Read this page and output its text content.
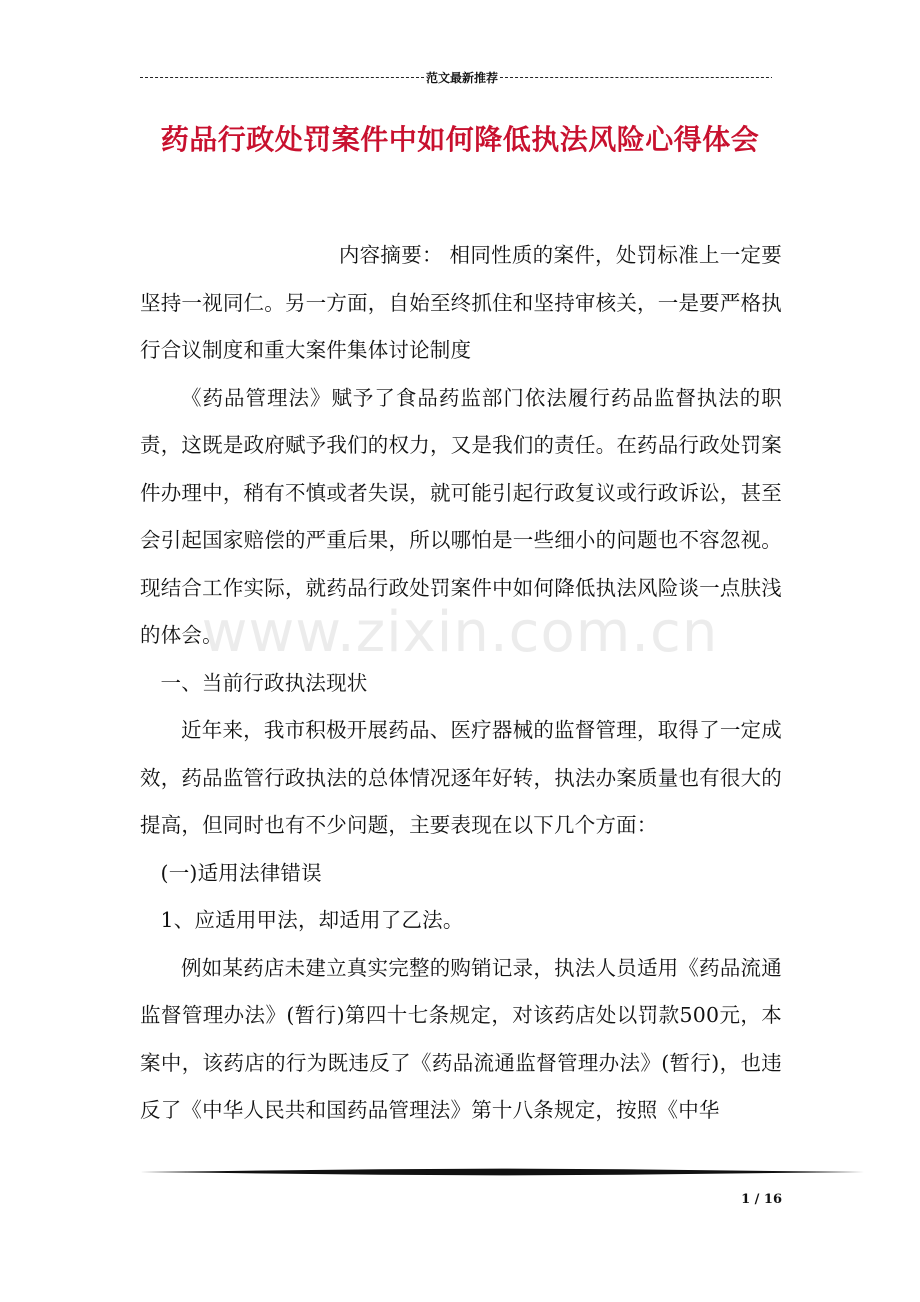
范文最新推荐
药品行政处罚案件中如何降低执法风险心得体会

内容摘要： 相同性质的案件，处罚标准上一定要坚持一视同仁。另一方面，自始至终抓住和坚持审核关，一是要严格执行合议制度和重大案件集体讨论制度

《药品管理法》赋予了食品药监部门依法履行药品监督执法的职责，这既是政府赋予我们的权力，又是我们的责任。在药品行政处罚案件办理中，稍有不慎或者失误，就可能引起行政复议或行政诉讼，甚至会引起国家赔偿的严重后果，所以哪怕是一些细小的问题也不容忽视。现结合工作实际，就药品行政处罚案件中如何降低执法风险谈一点肤浅的体会。

一、当前行政执法现状

近年来，我市积极开展药品、医疗器械的监督管理，取得了一定成效，药品监管行政执法的总体情况逐年好转，执法办案质量也有很大的提高，但同时也有不少问题，主要表现在以下几个方面：

(一)适用法律错误

1、应适用甲法，却适用了乙法。

例如某药店未建立真实完整的购销记录，执法人员适用《药品流通监督管理办法》(暂行)第四十七条规定，对该药店处以罚款500元，本案中，该药店的行为既违反了《药品流通监督管理办法》(暂行)，也违反了《中华人民共和国药品管理法》第十八条规定，按照《中华

www.zixin.com.cn
1 / 16
